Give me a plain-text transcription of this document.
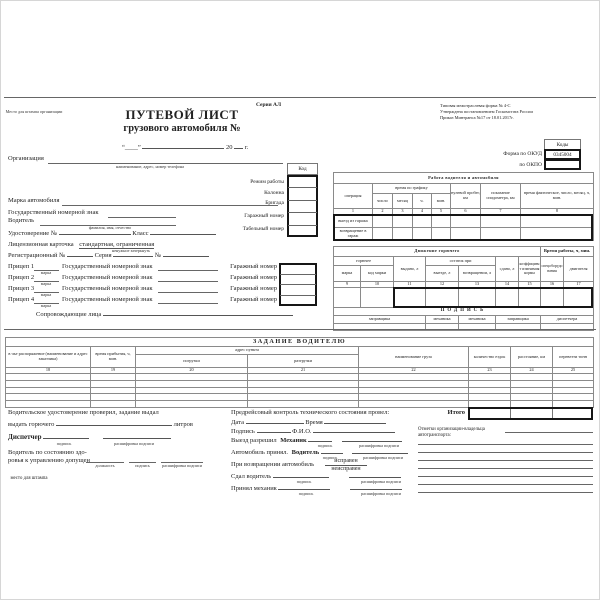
Место для штампа организации
Серия АЛ
ПУТЕВОЙ ЛИСТ
грузового автомобиля №
“____”	20 г.
Типовая межотраслевая форма № 4-С
Утверждена постановлением Госкомстата России
Приказ Минтранса №17 от 18.01.2017г.
Коды
Форма по ОКУД	0345004
по ОКПО
Организация
наименование, адрес, номер телефона	Код
Режим работы
Колонна
Бригада
Гаражный номер
Табельный номер
Марка автомобиля
Государственный номерной знак
Водитель
фамилия, имя, отчество
Удостоверение №	Класс
Лицензионная карточка стандартная, ограниченная
ненужное зачеркнуть
Регистрационный №	Серия	№
Прицеп 1
марка
Государственный номерной знак	Гаражный номер
Прицеп 2
марка
Государственный номерной знак	Гаражный номер
Прицеп 3
марка
Государственный номерной знак	Гаражный номер
Прицеп 4
марка
Государственный номерной знак	Гаражный номер
Сопровождающие лица
Работа водителя и автомобиля							
операция	время по графику				нулевой пробег, км	показание спидометра, км	время фактическое, число, месяц, ч, мин.
	число	месяц	ч.	мин.			
1	2	3	4	5	6	7	8
выезд из гаража							
возвращение в гараж							
Движение горючего							Время работы, ч, мин.	
горючее		выдано, л	остаток при		сдано, л	коэффициент изменения нормы	спецоборудования	двигателя
марка	код марки		выезде, л	возвращении, л				
9	10	11	12	13	14	15	16	17

ПОДПИСЬ								
заправщика			механика	механика	заправщика		диспетчера	

ЗАДАНИЕ ВОДИТЕЛЮ							
в чье распоряжение (наименование и адрес заказчика)	время прибытия, ч, мин.	адрес пункта		наименование груза	количество ездок	расстояние, км	перевезти тонн
		погрузки	разгрузки				
18	19	20	21	22	23	24	25

Итого
Водительское удостоверение проверил, задание выдал
выдать горючего	литров
Диспетчер
подпись	расшифровка подписи
Водитель по состоянию здо-
ровья к управлению допущен
должность	подпись	расшифровка подписи
место для штампа
Предрейсовый контроль технического состояния провел:
Дата	Время
Подпись	Ф.И.О.
Выезд разрешил Механик
подпись	расшифровка подписи
Автомобиль принял. Водитель
подпись	расшифровка подписи
При возвращении автомобиль	исправен
неисправен
Сдал водитель
подпись	расшифровка подписи
Принял механик
подпись	расшифровка подписи
Отметки организации-владельца
автотранспорта:
